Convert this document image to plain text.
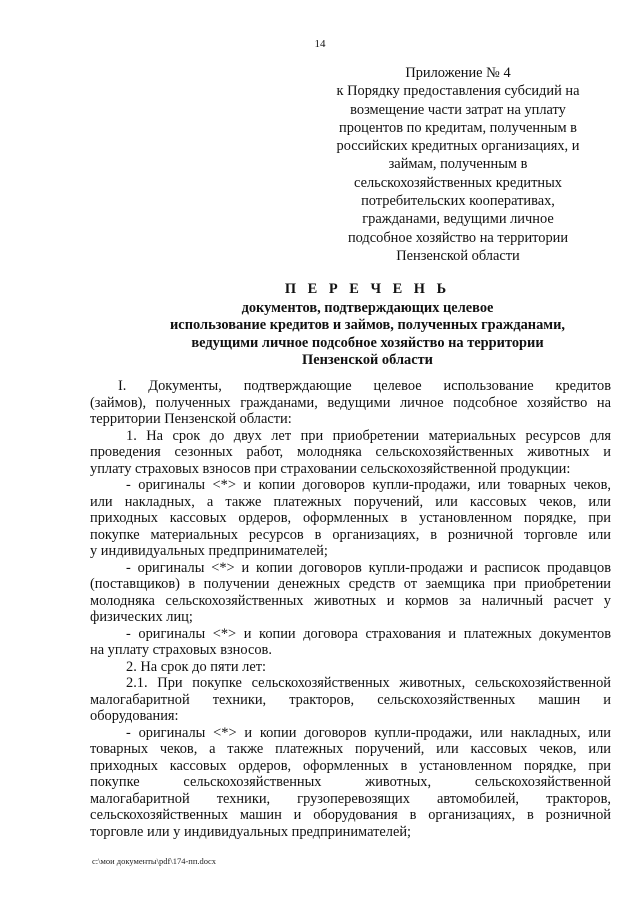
14
Приложение № 4
к Порядку предоставления субсидий на
возмещение части затрат на уплату
процентов по кредитам, полученным в
российских кредитных организациях, и
займам, полученным в
сельскохозяйственных кредитных
потребительских кооперативах,
гражданами, ведущими личное
подсобное хозяйство на территории
Пензенской области
П Е Р Е Ч Е Н Ь
документов, подтверждающих целевое
использование кредитов и займов, полученных гражданами,
ведущими личное подсобное хозяйство на территории
Пензенской области
I. Документы, подтверждающие целевое использование кредитов
(займов), полученных гражданами, ведущими личное подсобное хозяйство на
территории Пензенской области:
1. На срок до двух лет при приобретении материальных ресурсов для
проведения сезонных работ, молодняка сельскохозяйственных животных и
уплату страховых взносов при страховании сельскохозяйственной продукции:
- оригиналы <*> и копии договоров купли-продажи, или товарных чеков,
или накладных, а также платежных поручений, или кассовых чеков, или
приходных кассовых ордеров, оформленных в установленном порядке, при
покупке материальных ресурсов в организациях, в розничной торговле или
у индивидуальных предпринимателей;
- оригиналы <*> и копии договоров купли-продажи и расписок продавцов
(поставщиков) в получении денежных средств от заемщика при приобретении
молодняка сельскохозяйственных животных и кормов за наличный расчет у
физических лиц;
- оригиналы <*> и копии договора страхования и платежных документов
на уплату страховых взносов.
2. На срок до пяти лет:
2.1. При покупке сельскохозяйственных животных, сельскохозяйственной
малогабаритной техники, тракторов, сельскохозяйственных машин и
оборудования:
- оригиналы <*> и копии договоров купли-продажи, или накладных, или
товарных чеков, а также платежных поручений, или кассовых чеков, или
приходных кассовых ордеров, оформленных в установленном порядке, при
покупке сельскохозяйственных животных, сельскохозяйственной
малогабаритной техники, грузоперевозящих автомобилей, тракторов,
сельскохозяйственных машин и оборудования в организациях, в розничной
торговле или у индивидуальных предпринимателей;
c:\мои документы\pdf\174-пп.docx
